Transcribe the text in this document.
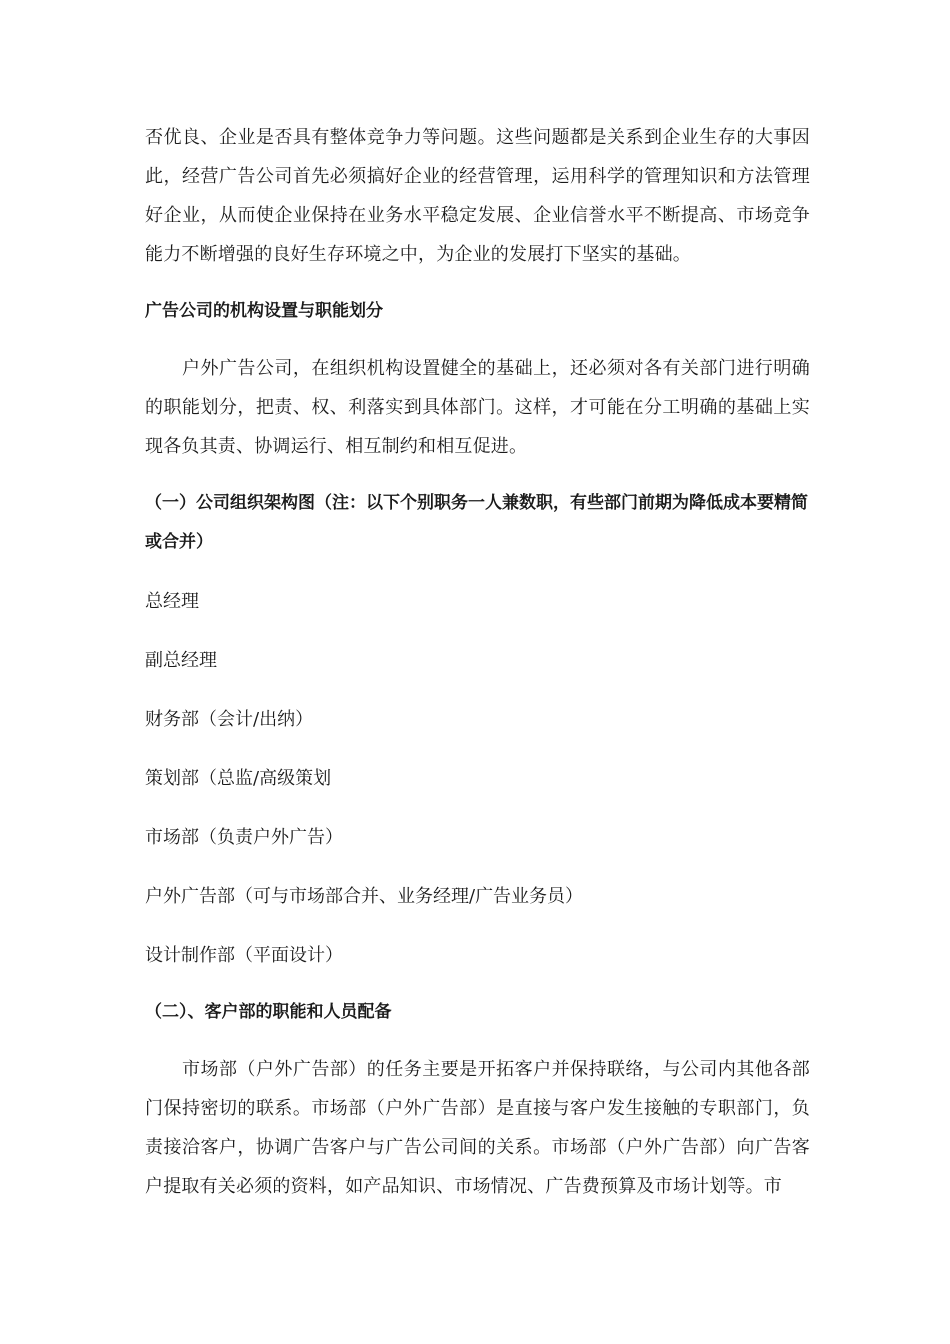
否优良、企业是否具有整体竞争力等问题。这些问题都是关系到企业生存的大事因此，经营广告公司首先必须搞好企业的经营管理，运用科学的管理知识和方法管理好企业，从而使企业保持在业务水平稳定发展、企业信誉水平不断提高、市场竞争能力不断增强的良好生存环境之中，为企业的发展打下坚实的基础。

广告公司的机构设置与职能划分

户外广告公司，在组织机构设置健全的基础上，还必须对各有关部门进行明确的职能划分，把责、权、利落实到具体部门。这样，才可能在分工明确的基础上实现各负其责、协调运行、相互制约和相互促进。

（一）公司组织架构图（注：以下个别职务一人兼数职，有些部门前期为降低成本要精简或合并）

总经理

副总经理

财务部（会计/出纳）

策划部（总监/高级策划

市场部（负责户外广告）

户外广告部（可与市场部合并、业务经理/广告业务员）

设计制作部（平面设计）

（二）、客户部的职能和人员配备

市场部（户外广告部）的任务主要是开拓客户并保持联络，与公司内其他各部门保持密切的联系。市场部（户外广告部）是直接与客户发生接触的专职部门，负责接洽客户，协调广告客户与广告公司间的关系。市场部（户外广告部）向广告客户提取有关必须的资料，如产品知识、市场情况、广告费预算及市场计划等。市
